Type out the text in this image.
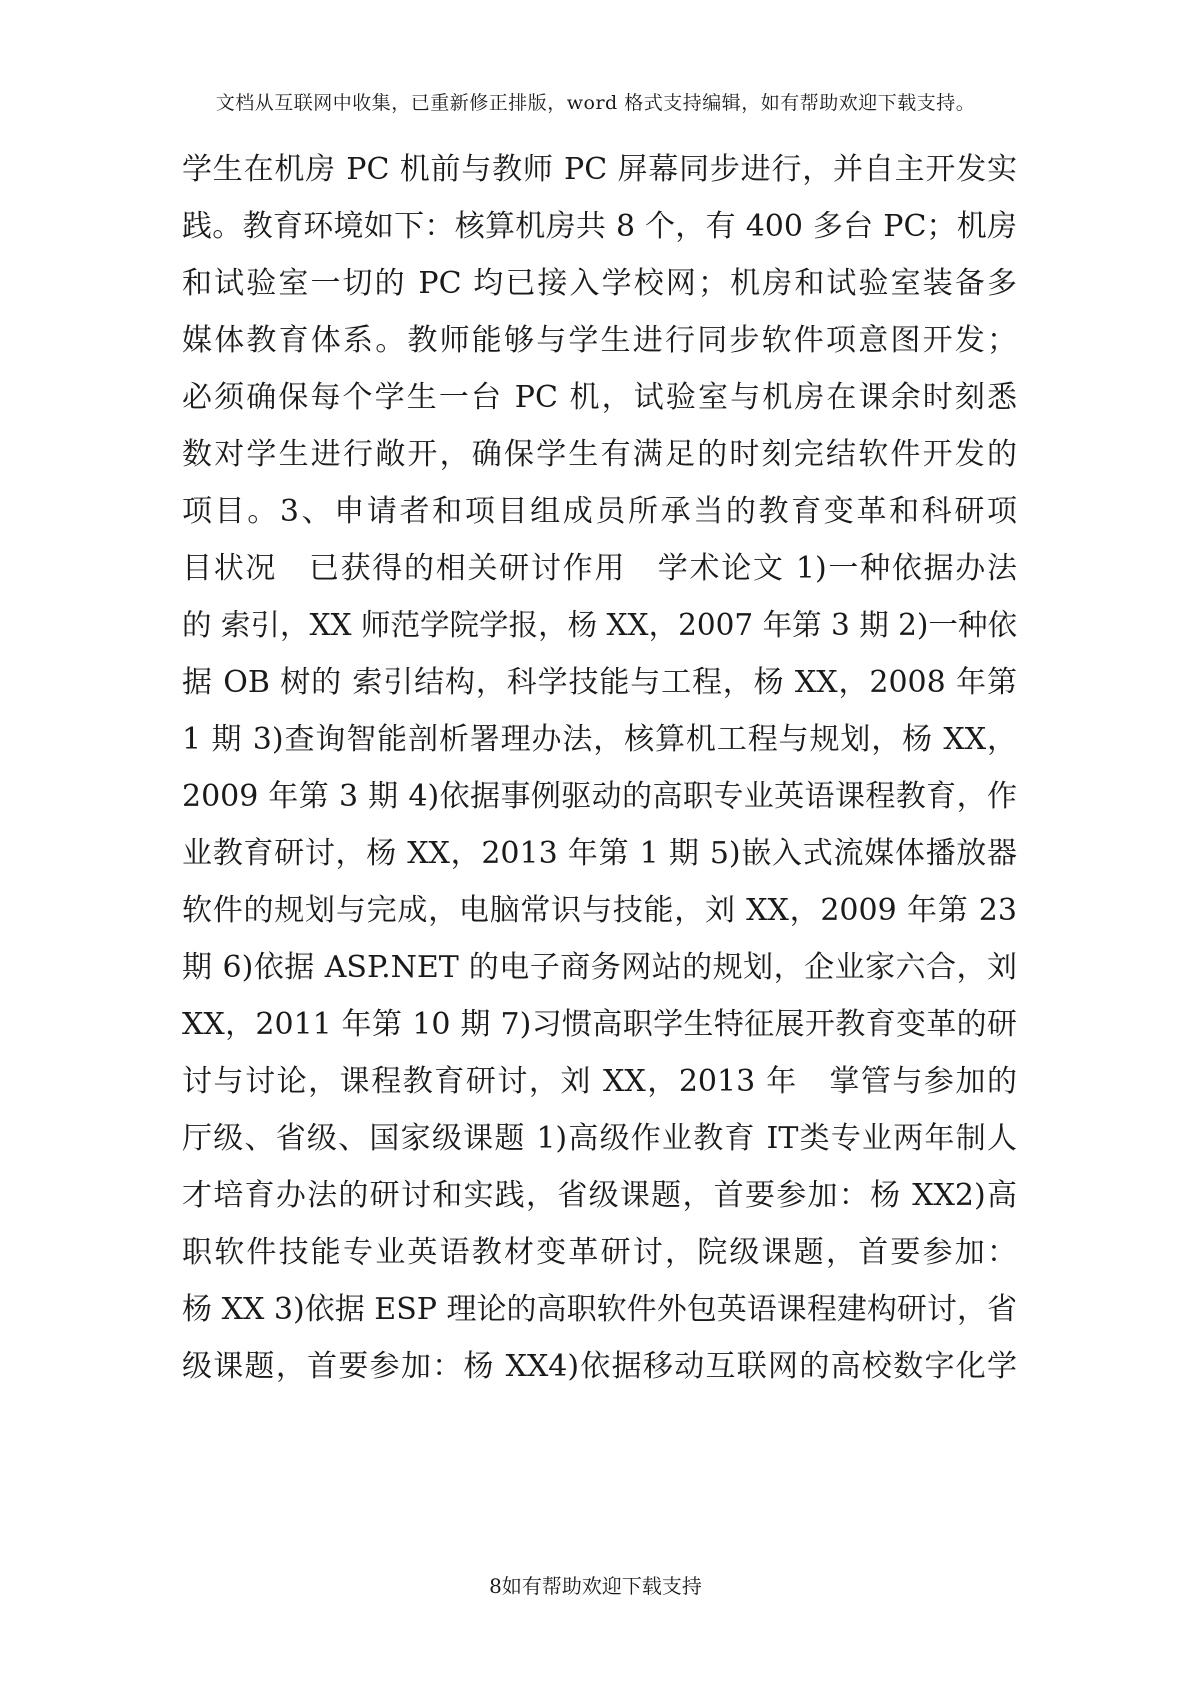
文档从互联网中收集，已重新修正排版，word 格式支持编辑，如有帮助欢迎下载支持。
学生在机房 PC 机前与教师 PC 屏幕同步进行，并自主开发实
践。教育环境如下：核算机房共 8 个，有 400 多台 PC；机房
和试验室一切的 PC 均已接入学校网；机房和试验室装备多
媒体教育体系。教师能够与学生进行同步软件项意图开发；
必须确保每个学生一台 PC 机，试验室与机房在课余时刻悉
数对学生进行敞开，确保学生有满足的时刻完结软件开发的
项目。3、申请者和项目组成员所承当的教育变革和科研项
目状况　已获得的相关研讨作用　学术论文 1)一种依据办法
的 索引，XX 师范学院学报，杨 XX，2007 年第 3 期 2)一种依
据 OB 树的 索引结构，科学技能与工程，杨 XX，2008 年第
1 期 3)查询智能剖析署理办法，核算机工程与规划，杨 XX，
2009 年第 3 期 4)依据事例驱动的高职专业英语课程教育，作
业教育研讨，杨 XX，2013 年第 1 期 5)嵌入式流媒体播放器
软件的规划与完成，电脑常识与技能，刘 XX，2009 年第 23
期 6)依据 ASP.NET 的电子商务网站的规划，企业家六合，刘
XX，2011 年第 10 期 7)习惯高职学生特征展开教育变革的研
讨与讨论，课程教育研讨，刘 XX，2013 年　掌管与参加的
厅级、省级、国家级课题 1)高级作业教育 IT类专业两年制人
才培育办法的研讨和实践，省级课题，首要参加：杨 XX2)高
职软件技能专业英语教材变革研讨，院级课题，首要参加：
杨 XX 3)依据 ESP 理论的高职软件外包英语课程建构研讨，省
级课题，首要参加：杨 XX4)依据移动互联网的高校数字化学
8如有帮助欢迎下载支持
